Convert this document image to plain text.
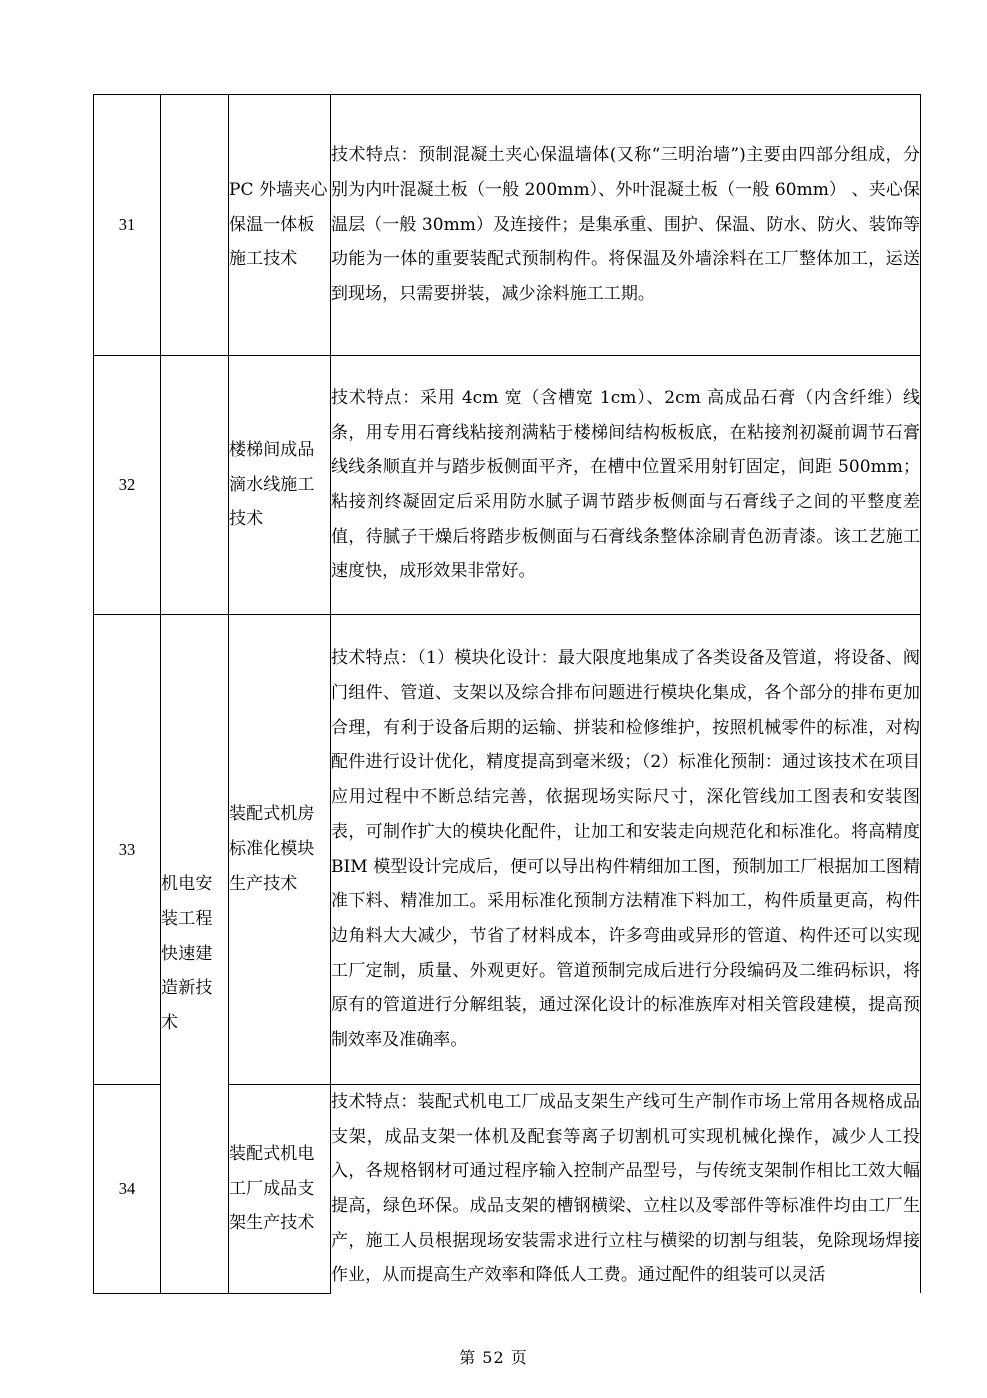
31		PC 外墙夹心保温一体板施工技术	技术特点：预制混凝土夹心保温墙体(又称“三明治墙”)主要由四部分组成，分别为内叶混凝土板（一般 200mm）、外叶混凝土板（一般 60mm） 、夹心保温层（一般 30mm）及连接件；是集承重、围护、保温、防水、防火、装饰等功能为一体的重要装配式预制构件。将保温及外墙涂料在工厂整体加工，运送到现场，只需要拼装，减少涂料施工工期。

32		楼梯间成品滴水线施工技术	技术特点：采用 4cm 宽（含槽宽 1cm）、2cm 高成品石膏（内含纤维）线条，用专用石膏线粘接剂满粘于楼梯间结构板板底，在粘接剂初凝前调节石膏线线条顺直并与踏步板侧面平齐，在槽中位置采用射钉固定，间距 500mm；粘接剂终凝固定后采用防水腻子调节踏步板侧面与石膏线子之间的平整度差值，待腻子干燥后将踏步板侧面与石膏线条整体涂刷青色沥青漆。该工艺施工速度快，成形效果非常好。

33	机电安装工程快速建造新技术	装配式机房标准化模块生产技术	技术特点：（1）模块化设计：最大限度地集成了各类设备及管道，将设备、阀门组件、管道、支架以及综合排布问题进行模块化集成，各个部分的排布更加合理，有利于设备后期的运输、拼装和检修维护，按照机械零件的标准，对构配件进行设计优化，精度提高到毫米级；（2）标准化预制：通过该技术在项目应用过程中不断总结完善，依据现场实际尺寸，深化管线加工图表和安装图表，可制作扩大的模块化配件，让加工和安装走向规范化和标准化。将高精度 BIM 模型设计完成后，便可以导出构件精细加工图，预制加工厂根据加工图精准下料、精准加工。采用标准化预制方法精准下料加工，构件质量更高，构件边角料大大减少，节省了材料成本，许多弯曲或异形的管道、构件还可以实现工厂定制，质量、外观更好。管道预制完成后进行分段编码及二维码标识，将原有的管道进行分解组装，通过深化设计的标准族库对相关管段建模，提高预制效率及准确率。

34		装配式机电工厂成品支架生产技术	技术特点：装配式机电工厂成品支架生产线可生产制作市场上常用各规格成品支架，成品支架一体机及配套等离子切割机可实现机械化操作，减少人工投入，各规格钢材可通过程序输入控制产品型号，与传统支架制作相比工效大幅提高，绿色环保。成品支架的槽钢横梁、立柱以及零部件等标准件均由工厂生产，施工人员根据现场安装需求进行立柱与横梁的切割与组装，免除现场焊接作业，从而提高生产效率和降低人工费。通过配件的组装可以灵活

第 52 页
